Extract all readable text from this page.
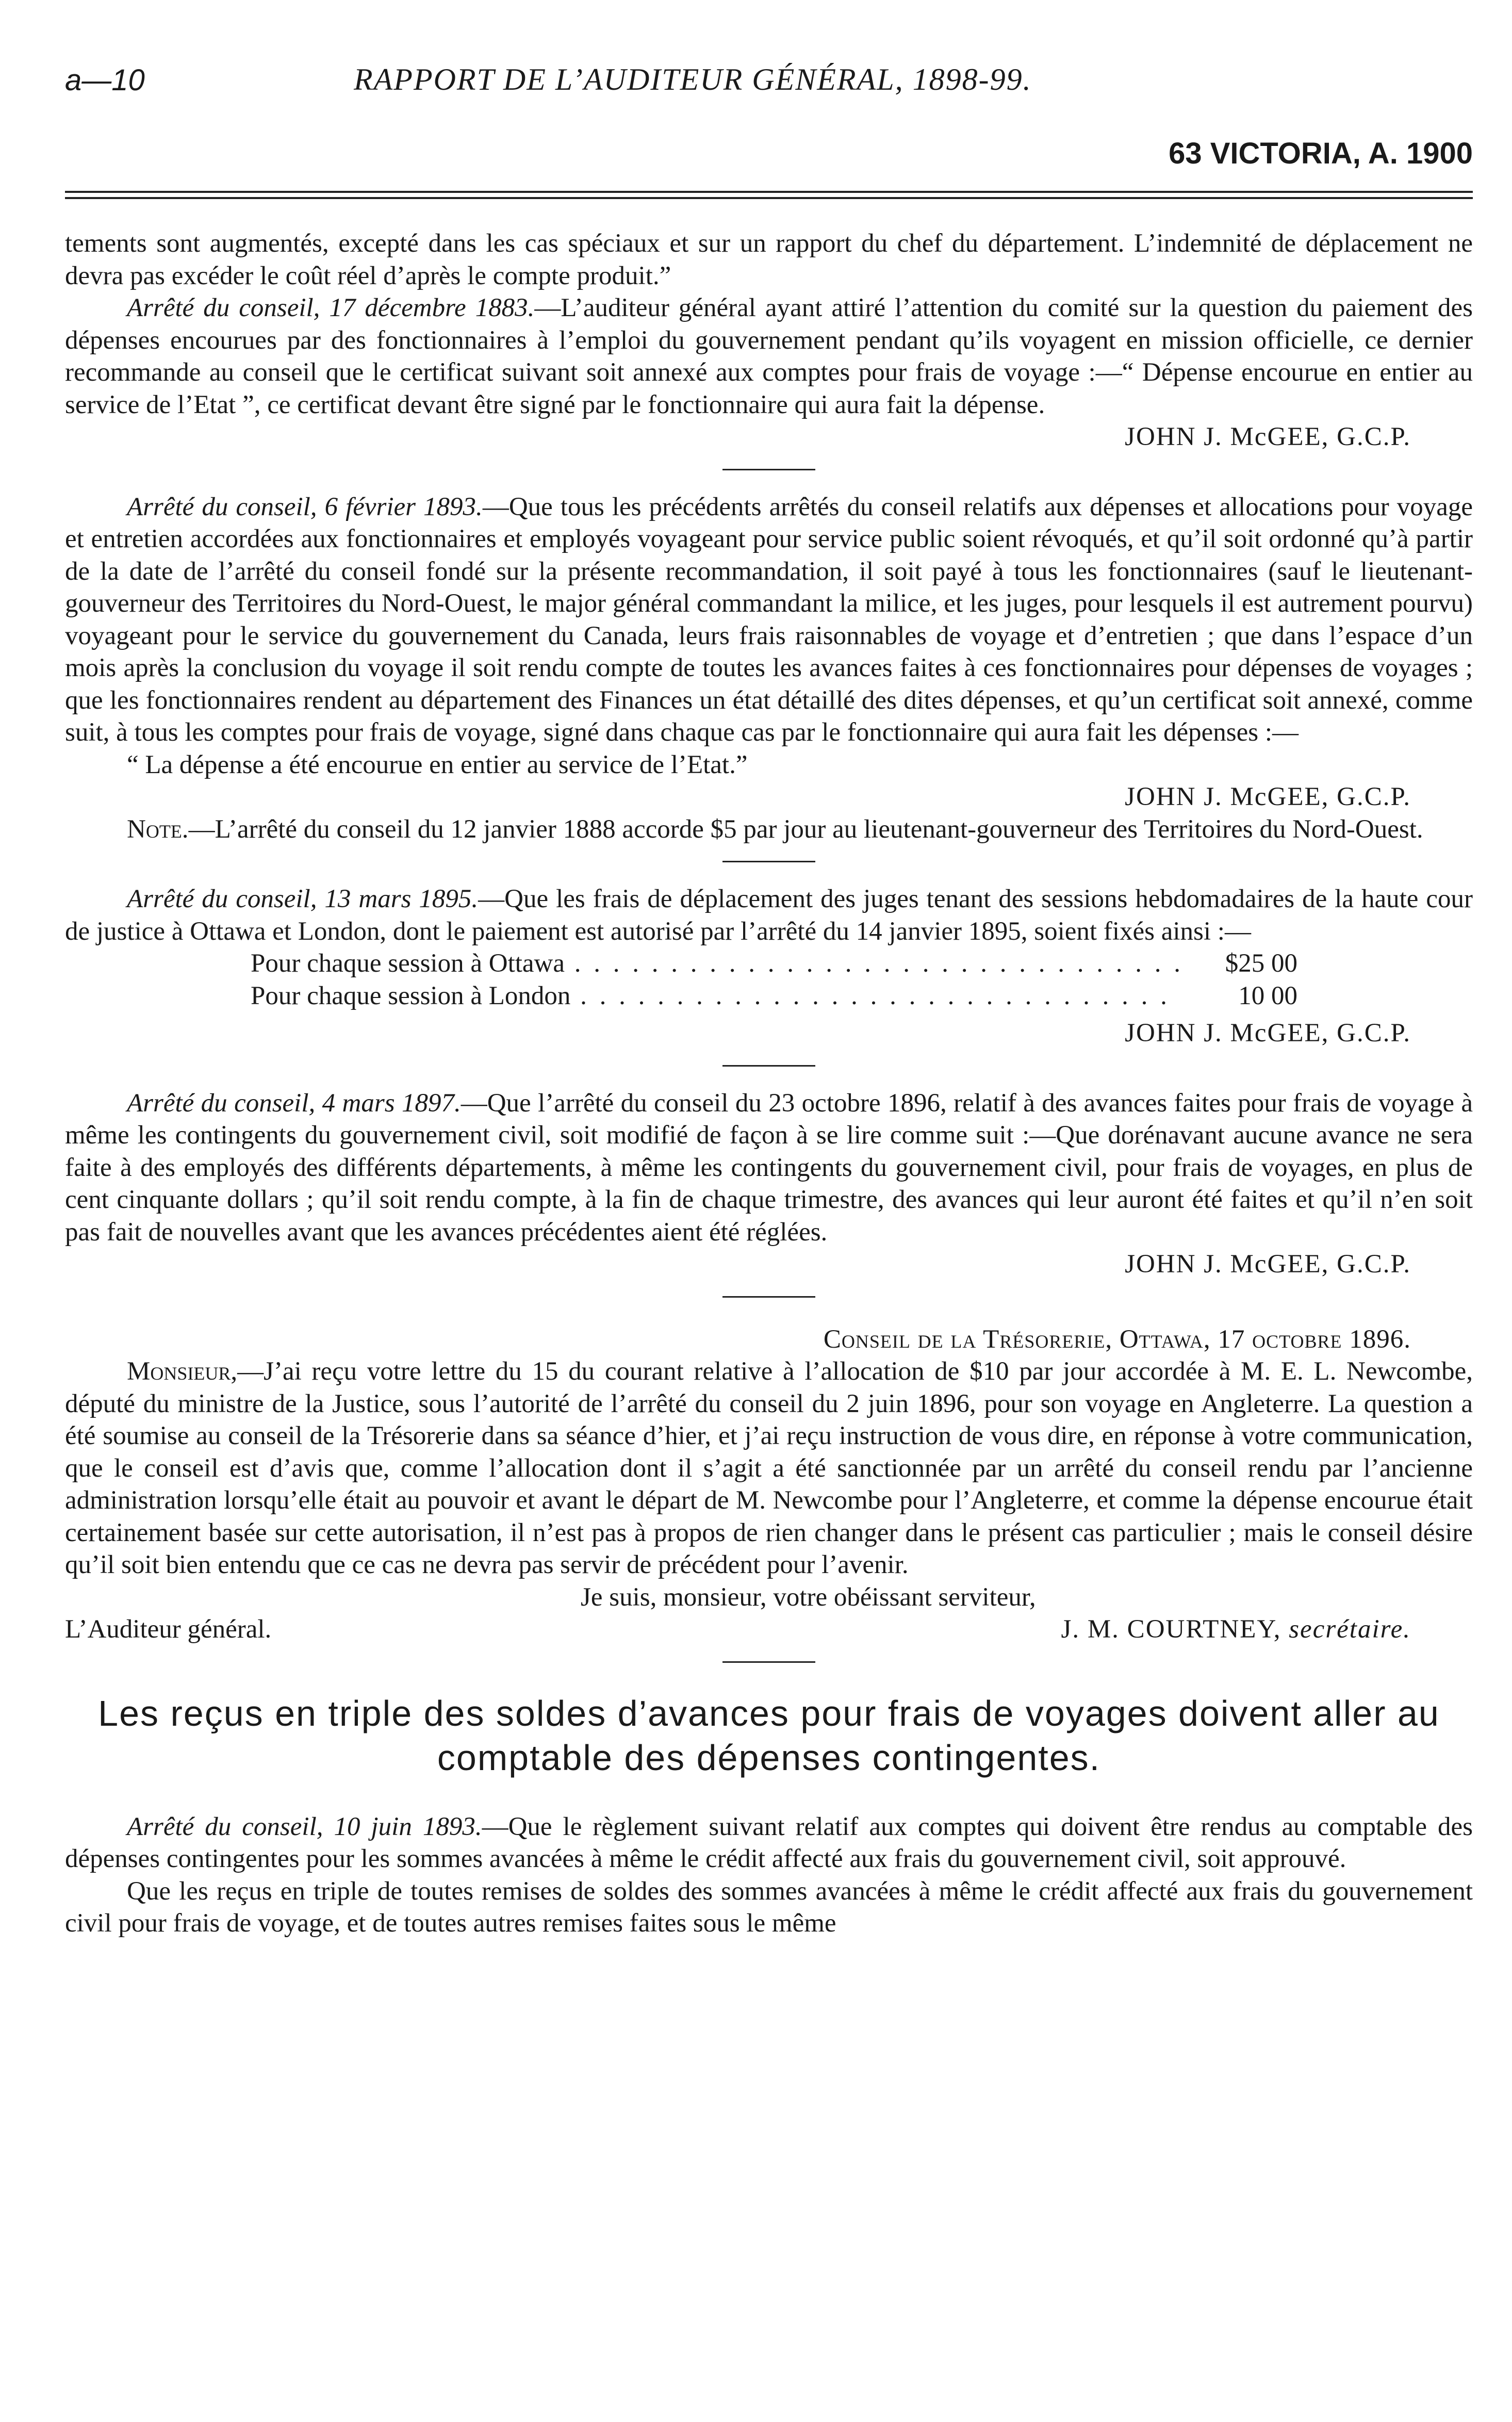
a—10	RAPPORT DE L’AUDITEUR GÉNÉRAL, 1898-99.
63 VICTORIA, A. 1900

tements sont augmentés, excepté dans les cas spéciaux et sur un rapport du chef du département. L’indemnité de déplacement ne devra pas excéder le coût réel d’après le compte produit.”

Arrêté du conseil, 17 décembre 1883.—L’auditeur général ayant attiré l’attention du comité sur la question du paiement des dépenses encourues par des fonctionnaires à l’emploi du gouvernement pendant qu’ils voyagent en mission officielle, ce dernier recommande au conseil que le certificat suivant soit annexé aux comptes pour frais de voyage :—“ Dépense encourue en entier au service de l’Etat ”, ce certificat devant être signé par le fonctionnaire qui aura fait la dépense.

JOHN J. McGEE, G.C.P.

Arrêté du conseil, 6 février 1893.—Que tous les précédents arrêtés du conseil relatifs aux dépenses et allocations pour voyage et entretien accordées aux fonctionnaires et employés voyageant pour service public soient révoqués, et qu’il soit ordonné qu’à partir de la date de l’arrêté du conseil fondé sur la présente recommandation, il soit payé à tous les fonctionnaires (sauf le lieutenant-gouverneur des Territoires du Nord-Ouest, le major général commandant la milice, et les juges, pour lesquels il est autrement pourvu) voyageant pour le service du gouvernement du Canada, leurs frais raisonnables de voyage et d’entretien ; que dans l’espace d’un mois après la conclusion du voyage il soit rendu compte de toutes les avances faites à ces fonctionnaires pour dépenses de voyages ; que les fonctionnaires rendent au département des Finances un état détaillé des dites dépenses, et qu’un certificat soit annexé, comme suit, à tous les comptes pour frais de voyage, signé dans chaque cas par le fonctionnaire qui aura fait les dépenses :—

“ La dépense a été encourue en entier au service de l’Etat.”

JOHN J. McGEE, G.C.P.

Note.—L’arrêté du conseil du 12 janvier 1888 accorde $5 par jour au lieutenant-gouverneur des Territoires du Nord-Ouest.

Arrêté du conseil, 13 mars 1895.—Que les frais de déplacement des juges tenant des sessions hebdomadaires de la haute cour de justice à Ottawa et London, dont le paiement est autorisé par l’arrêté du 14 janvier 1895, soient fixés ainsi :—

Pour chaque session à Ottawa . . .	$25 00
Pour chaque session à London . . .	10 00
JOHN J. McGEE, G.C.P.

Arrêté du conseil, 4 mars 1897.—Que l’arrêté du conseil du 23 octobre 1896, relatif à des avances faites pour frais de voyage à même les contingents du gouvernement civil, soit modifié de façon à se lire comme suit :—Que dorénavant aucune avance ne sera faite à des employés des différents départements, à même les contingents du gouvernement civil, pour frais de voyages, en plus de cent cinquante dollars ; qu’il soit rendu compte, à la fin de chaque trimestre, des avances qui leur auront été faites et qu’il n’en soit pas fait de nouvelles avant que les avances précédentes aient été réglées.

JOHN J. McGEE, G.C.P.
Conseil de la Trésorerie, Ottawa, 17 octobre 1896.

Monsieur,—J’ai reçu votre lettre du 15 du courant relative à l’allocation de $10 par jour accordée à M. E. L. Newcombe, député du ministre de la Justice, sous l’autorité de l’arrêté du conseil du 2 juin 1896, pour son voyage en Angleterre. La question a été soumise au conseil de la Trésorerie dans sa séance d’hier, et j’ai reçu instruction de vous dire, en réponse à votre communication, que le conseil est d’avis que, comme l’allocation dont il s’agit a été sanctionnée par un arrêté du conseil rendu par l’ancienne administration lorsqu’elle était au pouvoir et avant le départ de M. Newcombe pour l’Angleterre, et comme la dépense encourue était certainement basée sur cette autorisation, il n’est pas à propos de rien changer dans le présent cas particulier ; mais le conseil désire qu’il soit bien entendu que ce cas ne devra pas servir de précédent pour l’avenir.

Je suis, monsieur, votre obéissant serviteur,
L’Auditeur général.	J. M. COURTNEY, secrétaire.
Les reçus en triple des soldes d’avances pour frais de voyages doivent aller au comptable des dépenses contingentes.

Arrêté du conseil, 10 juin 1893.—Que le règlement suivant relatif aux comptes qui doivent être rendus au comptable des dépenses contingentes pour les sommes avancées à même le crédit affecté aux frais du gouvernement civil, soit approuvé.

Que les reçus en triple de toutes remises de soldes des sommes avancées à même le crédit affecté aux frais du gouvernement civil pour frais de voyage, et de toutes autres remises faites sous le même
